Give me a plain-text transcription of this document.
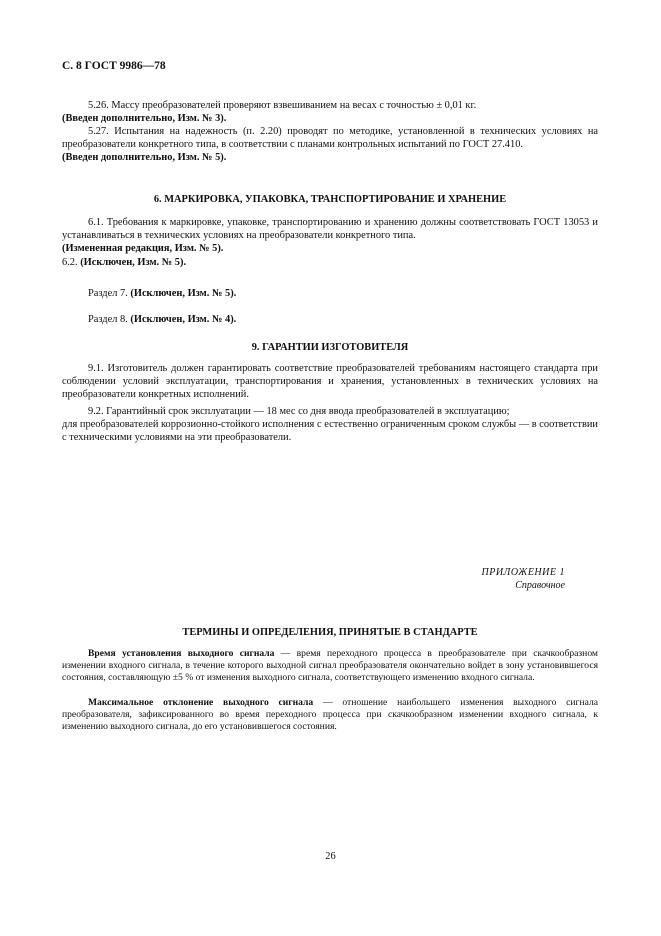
С. 8 ГОСТ 9986—78

5.26. Массу преобразователей проверяют взвешиванием на весах с точностью ± 0,01 кг.
(Введен дополнительно, Изм. № 3).

5.27. Испытания на надежность (п. 2.20) проводят по методике, установленной в технических условиях на преобразователи конкретного типа, в соответствии с планами контрольных испытаний по ГОСТ 27.410.
(Введен дополнительно, Изм. № 5).

6. МАРКИРОВКА, УПАКОВКА, ТРАНСПОРТИРОВАНИЕ И ХРАНЕНИЕ

6.1. Требования к маркировке, упаковке, транспортированию и хранению должны соответствовать ГОСТ 13053 и устанавливаться в технических условиях на преобразователи конкретного типа.
(Измененная редакция, Изм. № 5).
6.2. (Исключен, Изм. № 5).

Раздел 7. (Исключен, Изм. № 5).

Раздел 8. (Исключен, Изм. № 4).

9. ГАРАНТИИ ИЗГОТОВИТЕЛЯ

9.1. Изготовитель должен гарантировать соответствие преобразователей требованиям настоящего стандарта при соблюдении условий эксплуатации, транспортирования и хранения, установленных в технических условиях на преобразователи конкретных исполнений.

9.2. Гарантийный срок эксплуатации — 18 мес со дня ввода преобразователей в эксплуатацию;
для преобразователей коррозионно-стойкого исполнения с естественно ограниченным сроком службы — в соответствии с техническими условиями на эти преобразователи.

ПРИЛОЖЕНИЕ 1
Справочное
ТЕРМИНЫ И ОПРЕДЕЛЕНИЯ, ПРИНЯТЫЕ В СТАНДАРТЕ

Время установления выходного сигнала — время переходного процесса в преобразователе при скачкообразном изменении входного сигнала, в течение которого выходной сигнал преобразователя окончательно войдет в зону установившегося состояния, составляющую ±5 % от изменения выходного сигнала, соответствующего изменению входного сигнала.

Максимальное отклонение выходного сигнала — отношение наибольшего изменения выходного сигнала преобразователя, зафиксированного во время переходного процесса при скачкообразном изменении входного сигнала, к изменению выходного сигнала, до его установившегося состояния.

26
